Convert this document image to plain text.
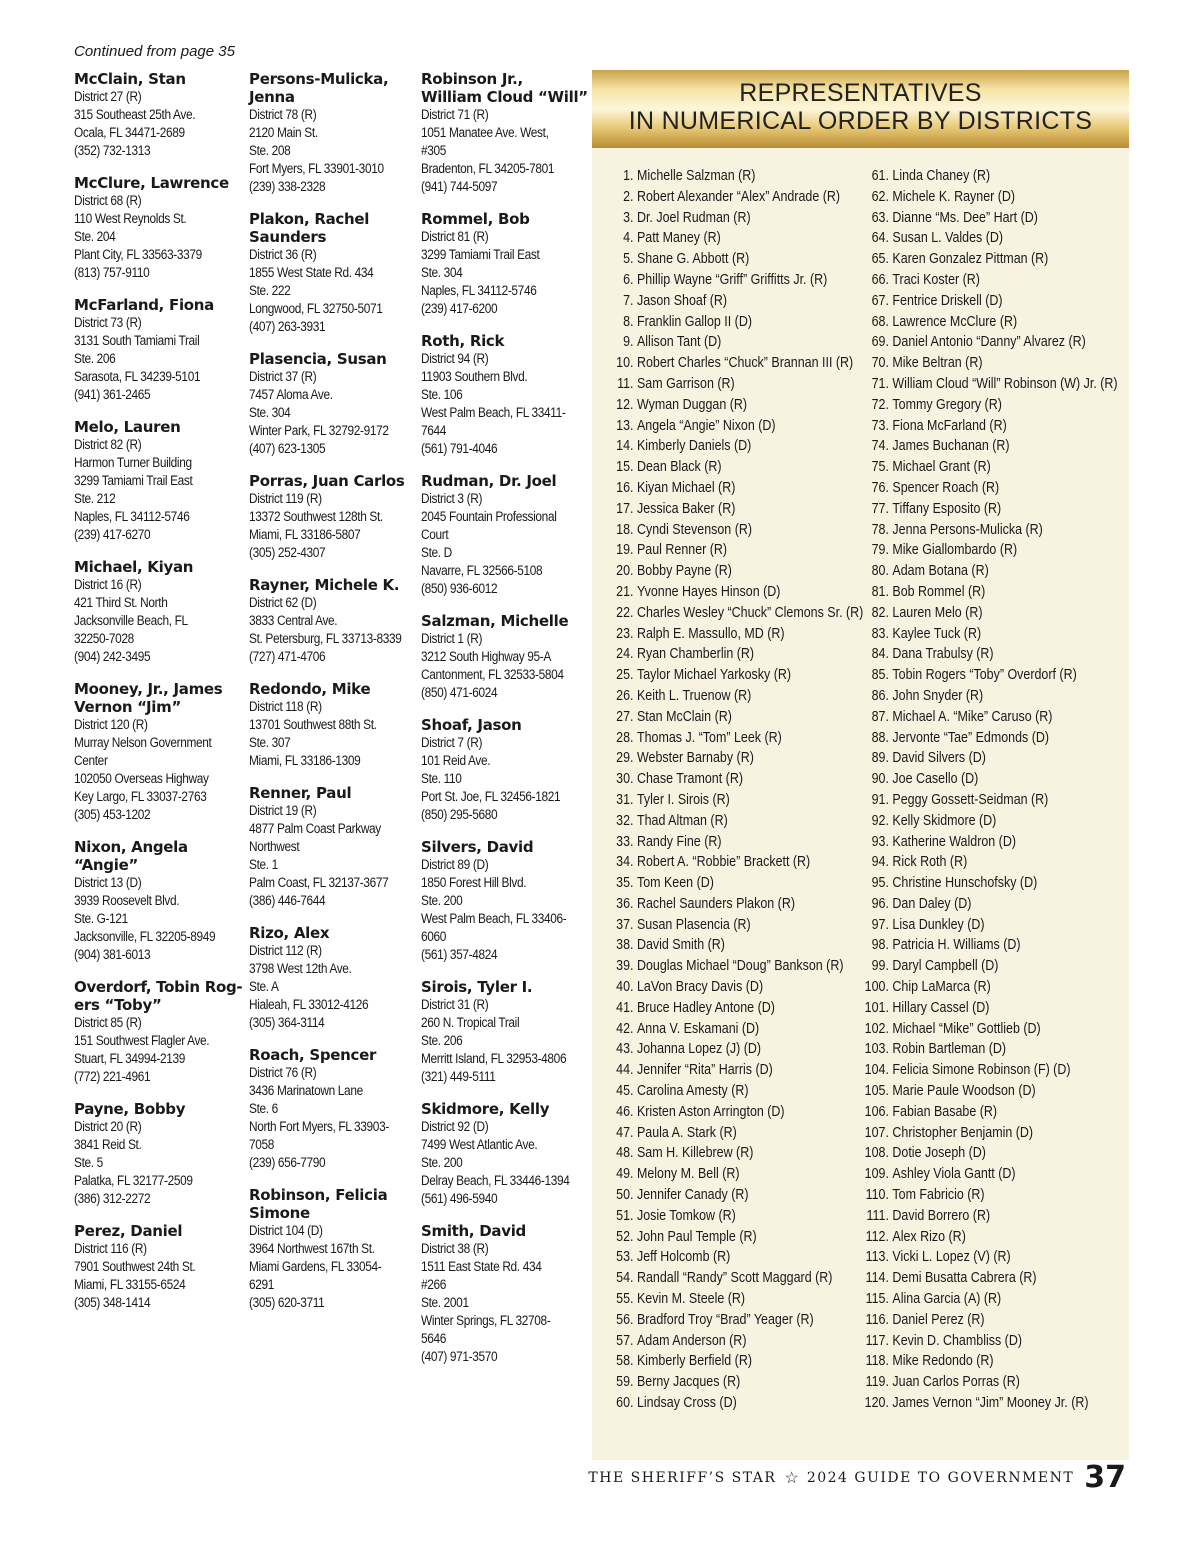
Continued from page 35
McClain, Stan
District 27 (R)
315 Southeast 25th Ave.
Ocala, FL 34471-2689
(352) 732-1313
McClure, Lawrence
District 68 (R)
110 West Reynolds St.
Ste. 204
Plant City, FL 33563-3379
(813) 757-9110
McFarland, Fiona
District 73 (R)
3131 South Tamiami Trail
Ste. 206
Sarasota, FL 34239-5101
(941) 361-2465
Melo, Lauren
District 82 (R)
Harmon Turner Building
3299 Tamiami Trail East
Ste. 212
Naples, FL 34112-5746
(239) 417-6270
Michael, Kiyan
District 16 (R)
421 Third St. North
Jacksonville Beach, FL
32250-7028
(904) 242-3495
Mooney, Jr., James
Vernon “Jim”
District 120 (R)
Murray Nelson Government
Center
102050 Overseas Highway
Key Largo, FL 33037-2763
(305) 453-1202
Nixon, Angela
“Angie”
District 13 (D)
3939 Roosevelt Blvd.
Ste. G-121
Jacksonville, FL 32205-8949
(904) 381-6013
Overdorf, Tobin Rog-
ers “Toby”
District 85 (R)
151 Southwest Flagler Ave.
Stuart, FL 34994-2139
(772) 221-4961
Payne, Bobby
District 20 (R)
3841 Reid St.
Ste. 5
Palatka, FL 32177-2509
(386) 312-2272
Perez, Daniel
District 116 (R)
7901 Southwest 24th St.
Miami, FL 33155-6524
(305) 348-1414
Persons-Mulicka,
Jenna
District 78 (R)
2120 Main St.
Ste. 208
Fort Myers, FL 33901-3010
(239) 338-2328
Plakon, Rachel
Saunders
District 36 (R)
1855 West State Rd. 434
Ste. 222
Longwood, FL 32750-5071
(407) 263-3931
Plasencia, Susan
District 37 (R)
7457 Aloma Ave.
Ste. 304
Winter Park, FL 32792-9172
(407) 623-1305
Porras, Juan Carlos
District 119 (R)
13372 Southwest 128th St.
Miami, FL 33186-5807
(305) 252-4307
Rayner, Michele K.
District 62 (D)
3833 Central Ave.
St. Petersburg, FL 33713-8339
(727) 471-4706
Redondo, Mike
District 118 (R)
13701 Southwest 88th St.
Ste. 307
Miami, FL 33186-1309
Renner, Paul
District 19 (R)
4877 Palm Coast Parkway
Northwest
Ste. 1
Palm Coast, FL 32137-3677
(386) 446-7644
Rizo, Alex
District 112 (R)
3798 West 12th Ave.
Ste. A
Hialeah, FL 33012-4126
(305) 364-3114
Roach, Spencer
District 76 (R)
3436 Marinatown Lane
Ste. 6
North Fort Myers, FL 33903-
7058
(239) 656-7790
Robinson, Felicia
Simone
District 104 (D)
3964 Northwest 167th St.
Miami Gardens, FL 33054-
6291
(305) 620-3711
Robinson Jr.,
William Cloud “Will”
District 71 (R)
1051 Manatee Ave. West,
#305
Bradenton, FL 34205-7801
(941) 744-5097
Rommel, Bob
District 81 (R)
3299 Tamiami Trail East
Ste. 304
Naples, FL 34112-5746
(239) 417-6200
Roth, Rick
District 94 (R)
11903 Southern Blvd.
Ste. 106
West Palm Beach, FL 33411-
7644
(561) 791-4046
Rudman, Dr. Joel
District 3 (R)
2045 Fountain Professional
Court
Ste. D
Navarre, FL 32566-5108
(850) 936-6012
Salzman, Michelle
District 1 (R)
3212 South Highway 95-A
Cantonment, FL 32533-5804
(850) 471-6024
Shoaf, Jason
District 7 (R)
101 Reid Ave.
Ste. 110
Port St. Joe, FL 32456-1821
(850) 295-5680
Silvers, David
District 89 (D)
1850 Forest Hill Blvd.
Ste. 200
West Palm Beach, FL 33406-
6060
(561) 357-4824
Sirois, Tyler I.
District 31 (R)
260 N. Tropical Trail
Ste. 206
Merritt Island, FL 32953-4806
(321) 449-5111
Skidmore, Kelly
District 92 (D)
7499 West Atlantic Ave.
Ste. 200
Delray Beach, FL 33446-1394
(561) 496-5940
Smith, David
District 38 (R)
1511 East State Rd. 434
#266
Ste. 2001
Winter Springs, FL 32708-
5646
(407) 971-3570
REPRESENTATIVES
IN NUMERICAL ORDER BY DISTRICTS
1. Michelle Salzman (R)
2. Robert Alexander “Alex” Andrade (R)
3. Dr. Joel Rudman (R)
4. Patt Maney (R)
5. Shane G. Abbott (R)
6. Phillip Wayne “Griff” Griffitts Jr. (R)
7. Jason Shoaf (R)
8. Franklin Gallop II (D)
9. Allison Tant (D)
10. Robert Charles “Chuck” Brannan III (R)
11. Sam Garrison (R)
12. Wyman Duggan (R)
13. Angela “Angie” Nixon (D)
14. Kimberly Daniels (D)
15. Dean Black (R)
16. Kiyan Michael (R)
17. Jessica Baker (R)
18. Cyndi Stevenson (R)
19. Paul Renner (R)
20. Bobby Payne (R)
21. Yvonne Hayes Hinson (D)
22. Charles Wesley “Chuck” Clemons Sr. (R)
23. Ralph E. Massullo, MD (R)
24. Ryan Chamberlin (R)
25. Taylor Michael Yarkosky (R)
26. Keith L. Truenow (R)
27. Stan McClain (R)
28. Thomas J. “Tom” Leek (R)
29. Webster Barnaby (R)
30. Chase Tramont (R)
31. Tyler I. Sirois (R)
32. Thad Altman (R)
33. Randy Fine (R)
34. Robert A. “Robbie” Brackett (R)
35. Tom Keen (D)
36. Rachel Saunders Plakon (R)
37. Susan Plasencia (R)
38. David Smith (R)
39. Douglas Michael “Doug” Bankson (R)
40. LaVon Bracy Davis (D)
41. Bruce Hadley Antone (D)
42. Anna V. Eskamani (D)
43. Johanna Lopez (J) (D)
44. Jennifer “Rita” Harris (D)
45. Carolina Amesty (R)
46. Kristen Aston Arrington (D)
47. Paula A. Stark (R)
48. Sam H. Killebrew (R)
49. Melony M. Bell (R)
50. Jennifer Canady (R)
51. Josie Tomkow (R)
52. John Paul Temple (R)
53. Jeff Holcomb (R)
54. Randall “Randy” Scott Maggard (R)
55. Kevin M. Steele (R)
56. Bradford Troy “Brad” Yeager (R)
57. Adam Anderson (R)
58. Kimberly Berfield (R)
59. Berny Jacques (R)
60. Lindsay Cross (D)
61. Linda Chaney (R)
62. Michele K. Rayner (D)
63. Dianne “Ms. Dee” Hart (D)
64. Susan L. Valdes (D)
65. Karen Gonzalez Pittman (R)
66. Traci Koster (R)
67. Fentrice Driskell (D)
68. Lawrence McClure (R)
69. Daniel Antonio “Danny” Alvarez (R)
70. Mike Beltran (R)
71. William Cloud “Will” Robinson (W) Jr. (R)
72. Tommy Gregory (R)
73. Fiona McFarland (R)
74. James Buchanan (R)
75. Michael Grant (R)
76. Spencer Roach (R)
77. Tiffany Esposito (R)
78. Jenna Persons-Mulicka (R)
79. Mike Giallombardo (R)
80. Adam Botana (R)
81. Bob Rommel (R)
82. Lauren Melo (R)
83. Kaylee Tuck (R)
84. Dana Trabulsy (R)
85. Tobin Rogers “Toby” Overdorf (R)
86. John Snyder (R)
87. Michael A. “Mike” Caruso (R)
88. Jervonte “Tae” Edmonds (D)
89. David Silvers (D)
90. Joe Casello (D)
91. Peggy Gossett-Seidman (R)
92. Kelly Skidmore (D)
93. Katherine Waldron (D)
94. Rick Roth (R)
95. Christine Hunschofsky (D)
96. Dan Daley (D)
97. Lisa Dunkley (D)
98. Patricia H. Williams (D)
99. Daryl Campbell (D)
100. Chip LaMarca (R)
101. Hillary Cassel (D)
102. Michael “Mike” Gottlieb (D)
103. Robin Bartleman (D)
104. Felicia Simone Robinson (F) (D)
105. Marie Paule Woodson (D)
106. Fabian Basabe (R)
107. Christopher Benjamin (D)
108. Dotie Joseph (D)
109. Ashley Viola Gantt (D)
110. Tom Fabricio (R)
111. David Borrero (R)
112. Alex Rizo (R)
113. Vicki L. Lopez (V) (R)
114. Demi Busatta Cabrera (R)
115. Alina Garcia (A) (R)
116. Daniel Perez (R)
117. Kevin D. Chambliss (D)
118. Mike Redondo (R)
119. Juan Carlos Porras (R)
120. James Vernon “Jim” Mooney Jr. (R)
THE SHERIFF’S STAR ☆ 2024 GUIDE TO GOVERNMENT 37
